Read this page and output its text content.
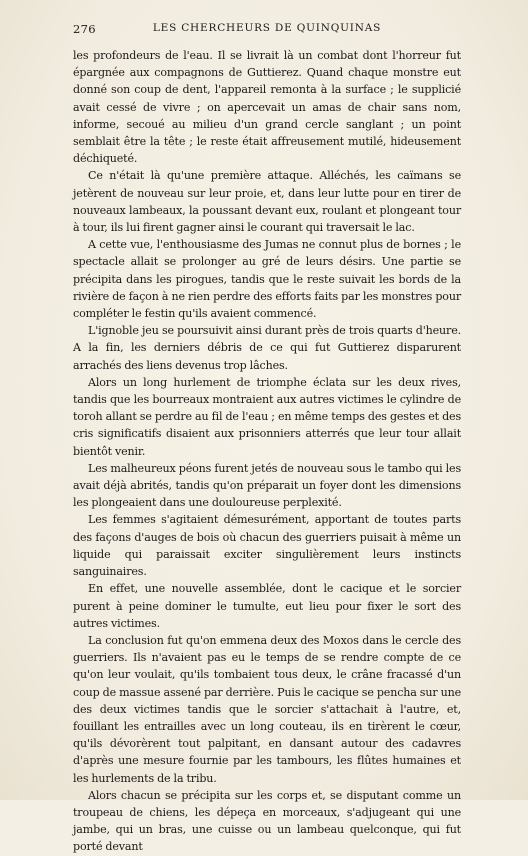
276	LES CHERCHEURS DE QUINQUINAS

les profondeurs de l'eau. Il se livrait là un combat dont l'horreur fut épargnée aux compagnons de Guttierez. Quand chaque monstre eut donné son coup de dent, l'appareil remonta à la surface ; le supplicié avait cessé de vivre ; on apercevait un amas de chair sans nom, informe, secoué au milieu d'un grand cercle sanglant ; un point semblait être la tête ; le reste était affreusement mutilé, hideusement déchiqueté.

Ce n'était là qu'une première attaque. Alléchés, les caïmans se jetèrent de nouveau sur leur proie, et, dans leur lutte pour en tirer de nouveaux lambeaux, la poussant devant eux, roulant et plongeant tour à tour, ils lui firent gagner ainsi le courant qui traversait le lac.

A cette vue, l'enthousiasme des Jumas ne connut plus de bornes ; le spectacle allait se prolonger au gré de leurs désirs. Une partie se précipita dans les pirogues, tandis que le reste suivait les bords de la rivière de façon à ne rien perdre des efforts faits par les monstres pour compléter le festin qu'ils avaient commencé.

L'ignoble jeu se poursuivit ainsi durant près de trois quarts d'heure. A la fin, les derniers débris de ce qui fut Guttierez disparurent arrachés des liens devenus trop lâches.

Alors un long hurlement de triomphe éclata sur les deux rives, tandis que les bourreaux montraient aux autres victimes le cylindre de toroh allant se perdre au fil de l'eau ; en même temps des gestes et des cris significatifs disaient aux prisonniers atterrés que leur tour allait bientôt venir.

Les malheureux péons furent jetés de nouveau sous le tambo qui les avait déjà abrités, tandis qu'on préparait un foyer dont les dimensions les plongeaient dans une douloureuse perplexité.

Les femmes s'agitaient démesurément, apportant de toutes parts des façons d'auges de bois où chacun des guerriers puisait à même un liquide qui paraissait exciter singulièrement leurs instincts sanguinaires.

En effet, une nouvelle assemblée, dont le cacique et le sorcier purent à peine dominer le tumulte, eut lieu pour fixer le sort des autres victimes.

La conclusion fut qu'on emmena deux des Moxos dans le cercle des guerriers. Ils n'avaient pas eu le temps de se rendre compte de ce qu'on leur voulait, qu'ils tombaient tous deux, le crâne fracassé d'un coup de massue assené par derrière. Puis le cacique se pencha sur une des deux victimes tandis que le sorcier s'attachait à l'autre, et, fouillant les entrailles avec un long couteau, ils en tirèrent le cœur, qu'ils dévorèrent tout palpitant, en dansant autour des cadavres d'après une mesure fournie par les tambours, les flûtes humaines et les hurlements de la tribu.

Alors chacun se précipita sur les corps et, se disputant comme un troupeau de chiens, les dépeça en morceaux, s'adjugeant qui une jambe, qui un bras, une cuisse ou un lambeau quelconque, qui fut porté devant
